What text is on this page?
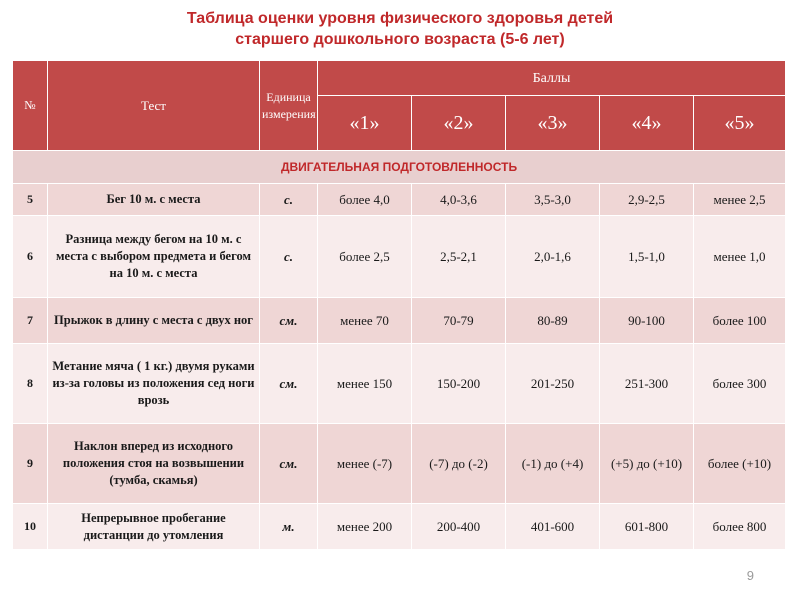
Таблица оценки уровня физического здоровья детей
старшего дошкольного возраста (5-6 лет)
№	Тест	Единица измерения	Баллы				
			«1»	«2»	«3»	«4»	«5»
ДВИГАТЕЛЬНАЯ ПОДГОТОВЛЕННОСТЬ							
5	Бег 10 м. с места	с.	более 4,0	4,0-3,6	3,5-3,0	2,9-2,5	менее 2,5
6	Разница между бегом на 10 м. с места с выбором предмета и бегом на 10 м. с места	с.	более 2,5	2,5-2,1	2,0-1,6	1,5-1,0	менее 1,0
7	Прыжок в длину с места с двух ног	см.	менее 70	70-79	80-89	90-100	более 100
8	Метание мяча ( 1 кг.) двумя руками из-за головы из положения сед ноги врозь	см.	менее 150	150-200	201-250	251-300	более 300
9	Наклон вперед из исходного положения стоя на возвышении (тумба, скамья)	см.	менее (-7)	(-7) до (-2)	(-1) до (+4)	(+5) до (+10)	более (+10)
10	Непрерывное пробегание дистанции до утомления	м.	менее 200	200-400	401-600	601-800	более 800
9
